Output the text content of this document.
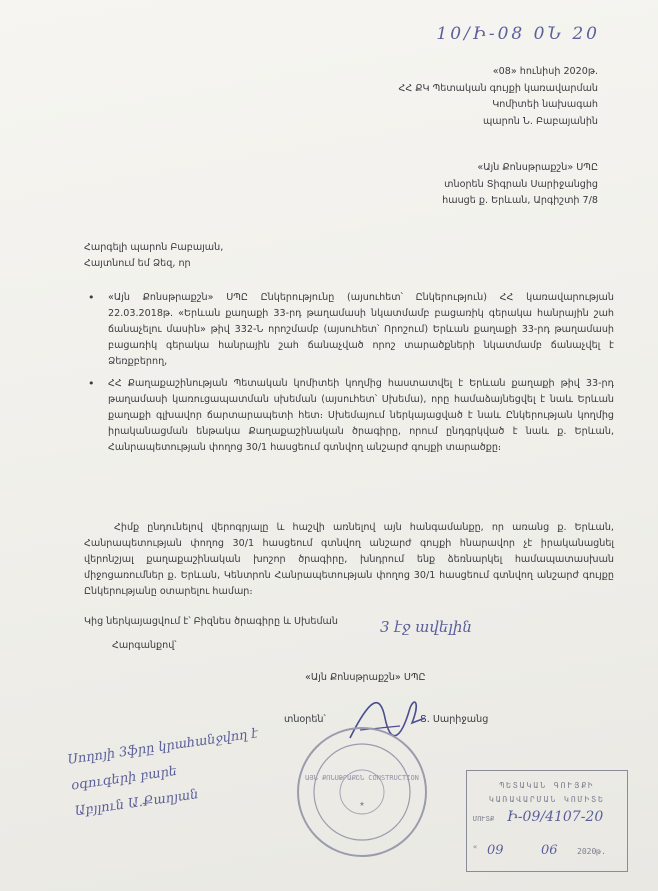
10/Ի-08 0Ն 20
«08» հունիսի 2020թ.
ՀՀ ՔԿ Պետական գույքի կառավարման
Կոմիտեի նախագահ
պարոն Ն. Բաբայանին
«Այն Քոնսթրաքշն» ՍՊԸ
տնօրեն Տիգրան Սարիջանցից
հասցե ք. Երևան, Արգիշտի 7/8
Հարգելի պարոն Բաբայան,
Հայտնում եմ Ձեզ, որ
• «Այն Քոնսթրաքշն» ՍՊԸ Ընկերությունը (այսուհետ՝ Ընկերություն) ՀՀ կառավարության 22.03.2018թ. «Երևան քաղաքի 33-րդ թաղամասի նկատմամբ բացառիկ գերակա հանրային շահ ճանաչելու մասին» թիվ 332-Ն որոշմամբ (այսուհետ՝ Որոշում) Երևան քաղաքի 33-րդ թաղամասի բացառիկ գերակա հանրային շահ ճանաչված որոշ տարածքների նկատմամբ ճանաչվել է Ձեռքբերող,
• ՀՀ Քաղաքաշինության Պետական կոմիտեի կողմից հաստատվել է Երևան քաղաքի թիվ 33-րդ թաղամասի կառուցապատման սխեման (այսուհետ՝ Սխեմա), որը համաձայնեցվել է նաև Երևան քաղաքի գլխավոր ճարտարապետի հետ։ Սխեմայում ներկայացված է նաև Ընկերության կողմից իրականացման ենթակա Քաղաքաշինական ծրագիրը, որում ընդգրկված է նաև ք. Երևան, Հանրապետության փողոց 30/1 հասցեում գտնվող անշարժ գույքի տարածքը։
Հիմք ընդունելով վերոգրյալը և հաշվի առնելով այն հանգամանքը, որ առանց ք. Երևան, Հանրապետության փողոց 30/1 հասցեում գտնվող անշարժ գույքի հնարավոր չէ իրականացնել վերոնշյալ քաղաքաշինական խոշոր ծրագիրը, խնդրում ենք ձեռնարկել համապատասխան միջոցառումներ ք. Երևան, Կենտրոն Հանրապետության փողոց 30/1 հասցեում գտնվող անշարժ գույքը Ընկերությանը օտարելու համար։
Կից ներկայացվում է՝ Բիզնես ծրագիրը և Սխեման	3 էջ ավելին
Հարգանքով՝
«Այն Քոնսթրաքշն» ՍՊԸ
տնօրեն՝	Տ. Սարիջանց
ԱՅՆ ՔՈՆՍԹՐԱՔՇՆ CONSTRUCTION
★
Սողոյի 3ֆրը կրահանջվող է
օգուգերի բարե
Աբյլուն Ա.Քաղյան
ՊԵՏԱԿԱՆ ԳՈՒՅՔԻ
ԿԱՌԱՎԱՐՄԱՆ ԿՈՄԻՏԵ
ՄՈՒՏՔ Ի-09/4107-20
« 09	06 2020թ.
